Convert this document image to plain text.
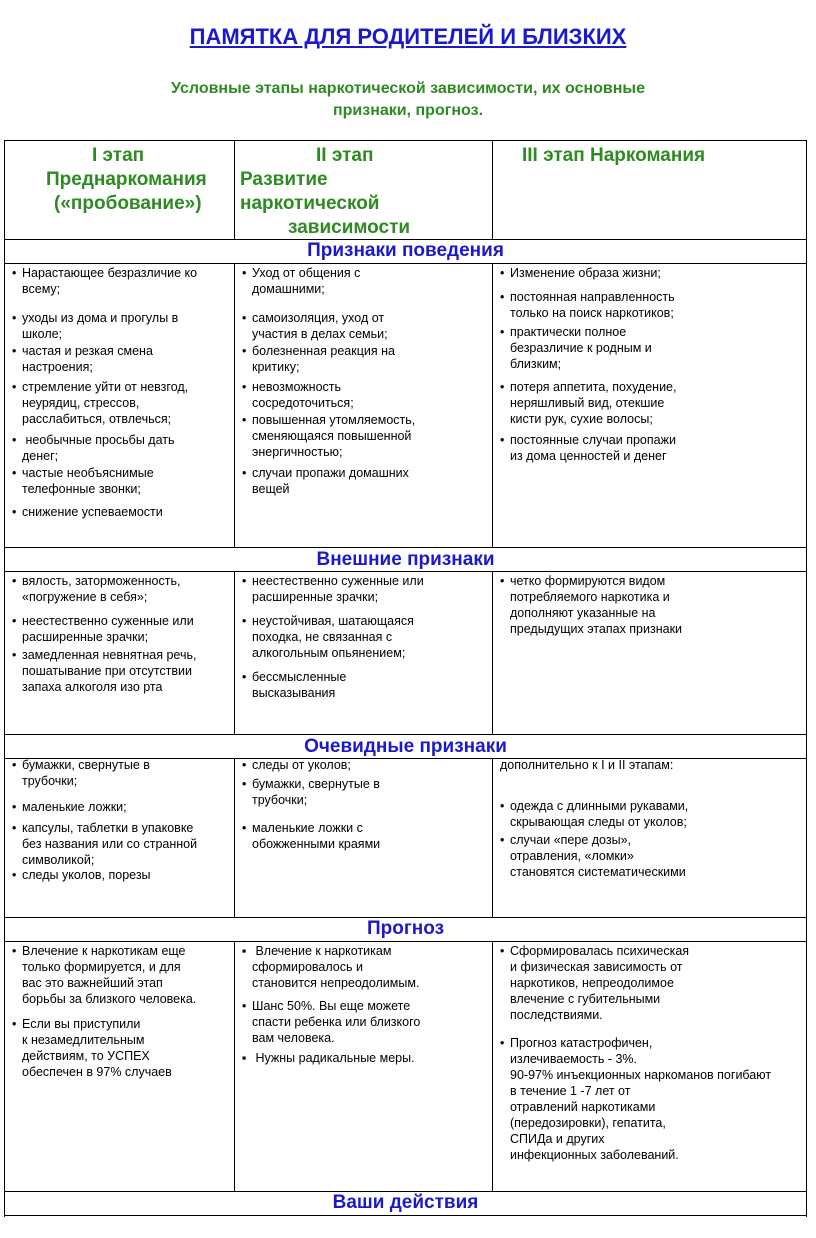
ПАМЯТКА ДЛЯ РОДИТЕЛЕЙ И БЛИЗКИХ
Условные этапы наркотической зависимости, их основные
признаки, прогноз.
I этап
Преднаркомания
(«пробование»)
II этап
Развитие
наркотической
зависимости
III этап Наркомания
Признаки поведения
• Нарастающее безразличие ко
всему;
• уходы из дома и прогулы в
школе;
• частая и резкая смена
настроения;
• стремление уйти от невзгод,
неурядиц, стрессов,
расслабиться, отвлечься;
• необычные просьбы дать
денег;
• частые необъяснимые
телефонные звонки;
• снижение успеваемости
• Уход от общения с
домашними;
• самоизоляция, уход от
участия в делах семьи;
• болезненная реакция на
критику;
• невозможность
сосредоточиться;
• повышенная утомляемость,
сменяющаяся повышенной
энергичностью;
• случаи пропажи домашних
вещей
• Изменение образа жизни;
• постоянная направленность
только на поиск наркотиков;
• практически полное
безразличие к родным и
близким;
• потеря аппетита, похудение,
неряшливый вид, отекшие
кисти рук, сухие волосы;
• постоянные случаи пропажи
из дома ценностей и денег
Внешние признаки
• вялость, заторможенность,
«погружение в себя»;
• неестественно суженные или
расширенные зрачки;
• замедленная невнятная речь,
пошатывание при отсутствии
запаха алкоголя изо рта
• неестественно суженные или
расширенные зрачки;
• неустойчивая, шатающаяся
походка, не связанная с
алкогольным опьянением;
• бессмысленные
высказывания
• четко формируются видом
потребляемого наркотика и
дополняют указанные на
предыдущих этапах признаки
Очевидные признаки
• бумажки, свернутые в
трубочки;
• маленькие ложки;
• капсулы, таблетки в упаковке
без названия или со странной
символикой;
• следы уколов, порезы
• следы от уколов;
• бумажки, свернутые в
трубочки;
• маленькие ложки с
обожженными краями
дополнительно к I и II этапам:
• одежда с длинными рукавами,
скрывающая следы от уколов;
• случаи «пере дозы»,
отравления, «ломки»
становятся систематическими
Прогноз
• Влечение к наркотикам еще
только формируется, и для
вас это важнейший этап
борьбы за близкого человека.
• Если вы приступили
к незамедлительным
действиям, то УСПЕХ
обеспечен в 97% случаев
▪ Влечение к наркотикам
сформировалось и
становится непреодолимым.
• Шанс 50%. Вы еще можете
спасти ребенка или близкого
вам человека.
▪ Нужны радикальные меры.
• Сформировалась психическая
и физическая зависимость от
наркотиков, непреодолимое
влечение с губительными
последствиями.
• Прогноз катастрофичен,
излечиваемость - 3%.
90-97% инъекционных наркоманов погибают
в течение 1 -7 лет от
отравлений наркотиками
(передозировки), гепатита,
СПИДа и других
инфекционных заболеваний.
Ваши действия
